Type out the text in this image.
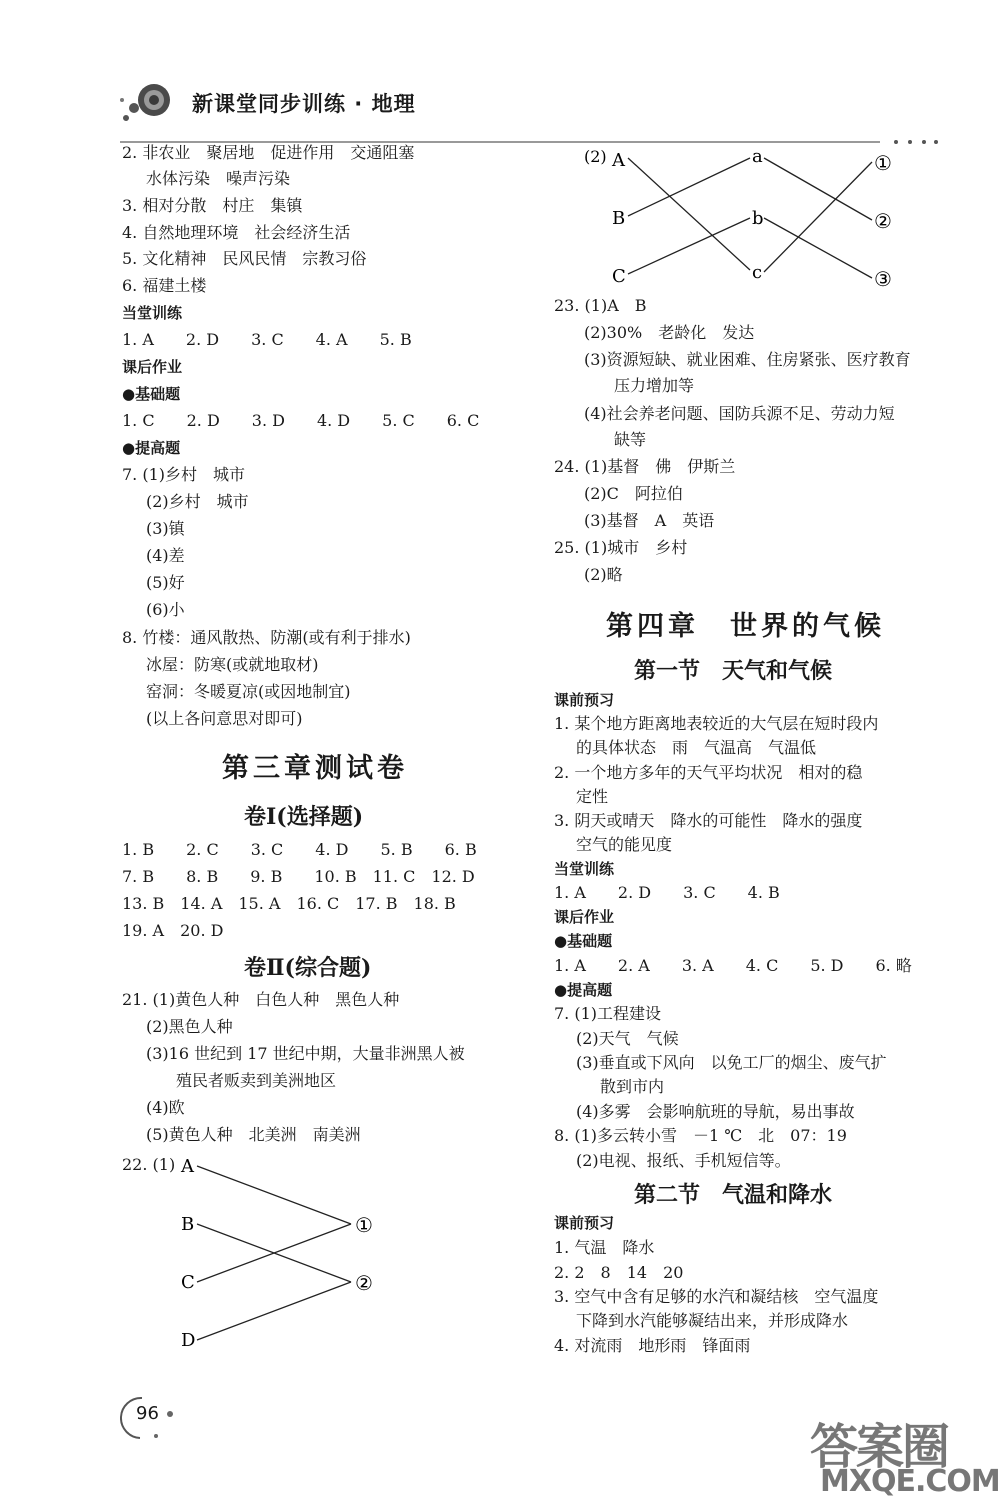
新课堂同步训练 · 地理
2. 非农业　聚居地　促进作用　交通阻塞
水体污染　噪声污染
3. 相对分散　村庄　集镇
4. 自然地理环境　社会经济生活
5. 文化精神　民风民情　宗教习俗
6. 福建土楼
当堂训练
1. A　　2. D　　3. C　　4. A　　5. B
课后作业
●基础题
1. C　　2. D　　3. D　　4. D　　5. C　　6. C
●提高题
7. (1)乡村　城市
(2)乡村　城市
(3)镇
(4)差
(5)好
(6)小
8. 竹楼：通风散热、防潮(或有利于排水)
冰屋：防寒(或就地取材)
窑洞：冬暖夏凉(或因地制宜)
(以上各问意思对即可)
第三章测试卷
卷Ⅰ(选择题)
1. B　　2. C　　3. C　　4. D　　5. B　　6. B
7. B　　8. B　　9. B　　10. B　11. C　12. D
13. B　14. A　15. A　16. C　17. B　18. B
19. A　20. D
卷Ⅱ(综合题)
21. (1)黄色人种　白色人种　黑色人种
(2)黑色人种
(3)16 世纪到 17 世纪中期，大量非洲黑人被
殖民者贩卖到美洲地区
(4)欧
(5)黄色人种　北美洲　南美洲
22. (1) A
B
C
D
①
②
(2) A
B
C
a
b
c
①
②
③
23. (1)A　B
(2)30%　老龄化　发达
(3)资源短缺、就业困难、住房紧张、医疗教育
压力增加等
(4)社会养老问题、国防兵源不足、劳动力短
缺等
24. (1)基督　佛　伊斯兰
(2)C　阿拉伯
(3)基督　A　英语
25. (1)城市　乡村
(2)略
第四章　世界的气候
第一节　天气和气候
课前预习
1. 某个地方距离地表较近的大气层在短时段内
的具体状态　雨　气温高　气温低
2. 一个地方多年的天气平均状况　相对的稳
定性
3. 阴天或晴天　降水的可能性　降水的强度
空气的能见度
当堂训练
1. A　　2. D　　3. C　　4. B
课后作业
●基础题
1. A　　2. A　　3. A　　4. C　　5. D　　6. 略
●提高题
7. (1)工程建设
(2)天气　气候
(3)垂直或下风向　以免工厂的烟尘、废气扩
散到市内
(4)多雾　会影响航班的导航，易出事故
8. (1)多云转小雪　－1 ℃　北　07：19
(2)电视、报纸、手机短信等。
第二节　气温和降水
课前预习
1. 气温　降水
2. 2　8　14　20
3. 空气中含有足够的水汽和凝结核　空气温度
下降到水汽能够凝结出来，并形成降水
4. 对流雨　地形雨　锋面雨
96
答案圈
MXQE.COM
